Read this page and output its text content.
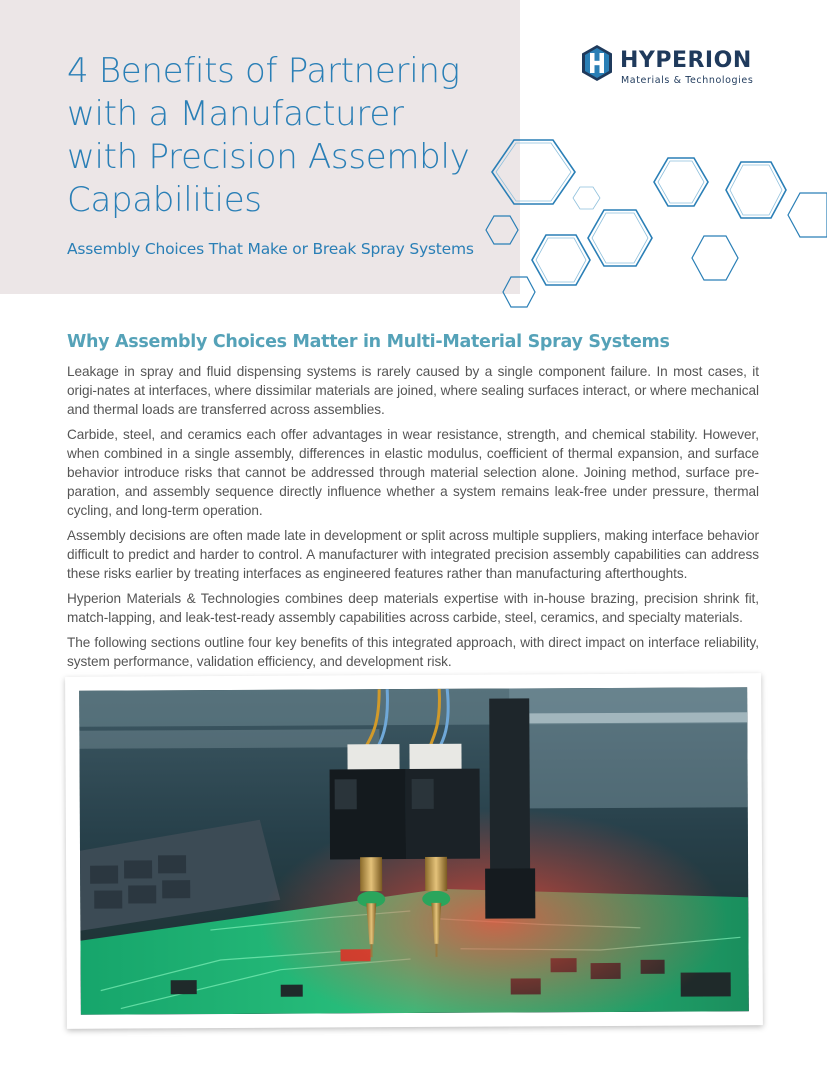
4 Benefits of Partnering
with a Manufacturer
with Precision Assembly
Capabilities
Assembly Choices That Make or Break Spray Systems
HYPERION
Materials & Technologies
Why Assembly Choices Matter in Multi-Material Spray Systems

Leakage in spray and fluid dispensing systems is rarely caused by a single component failure. In most cases, it origi-nates at interfaces, where dissimilar materials are joined, where sealing surfaces interact, or where mechanical and thermal loads are transferred across assemblies.

Carbide, steel, and ceramics each offer advantages in wear resistance, strength, and chemical stability. However, when combined in a single assembly, differences in elastic modulus, coefficient of thermal expansion, and surface behavior introduce risks that cannot be addressed through material selection alone. Joining method, surface pre-paration, and assembly sequence directly influence whether a system remains leak-free under pressure, thermal cycling, and long-term operation.

Assembly decisions are often made late in development or split across multiple suppliers, making interface behavior difficult to predict and harder to control. A manufacturer with integrated precision assembly capabilities can address these risks earlier by treating interfaces as engineered features rather than manufacturing afterthoughts.

Hyperion Materials & Technologies combines deep materials expertise with in-house brazing, precision shrink fit, match-lapping, and leak-test-ready assembly capabilities across carbide, steel, ceramics, and specialty materials.

The following sections outline four key benefits of this integrated approach, with direct impact on interface reliability, system performance, validation efficiency, and development risk.
